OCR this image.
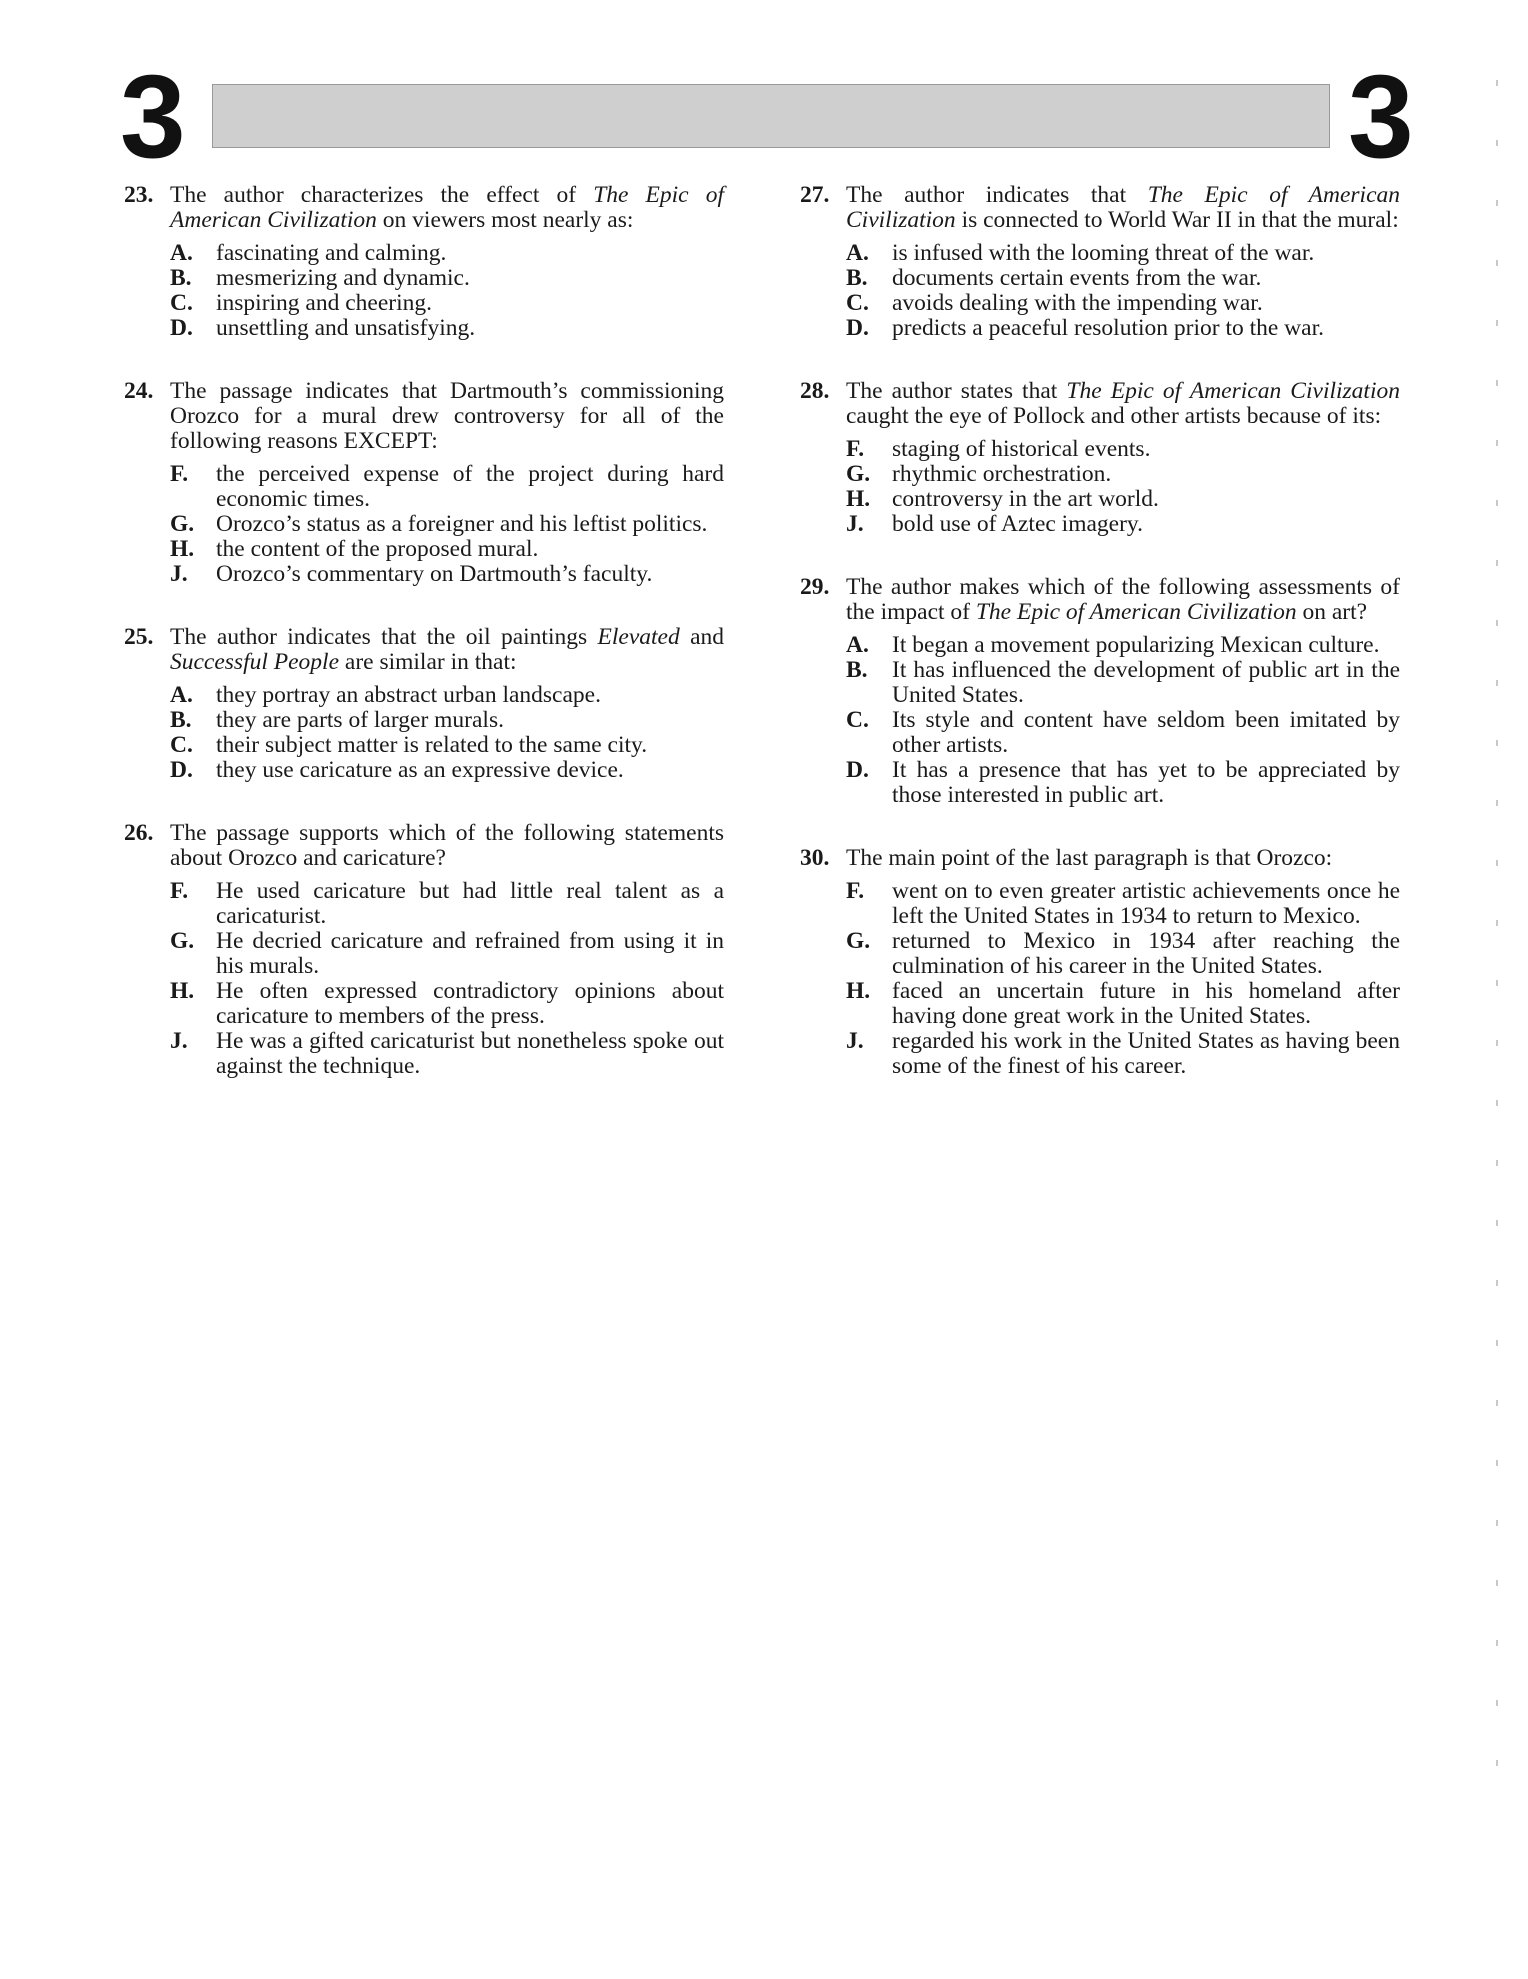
3	3
23. The author characterizes the effect of The Epic of American Civilization on viewers most nearly as:
A. fascinating and calming.
B. mesmerizing and dynamic.
C. inspiring and cheering.
D. unsettling and unsatisfying.
24. The passage indicates that Dartmouth’s commissioning Orozco for a mural drew controversy for all of the following reasons EXCEPT:
F. the perceived expense of the project during hard economic times.
G. Orozco’s status as a foreigner and his leftist politics.
H. the content of the proposed mural.
J. Orozco’s commentary on Dartmouth’s faculty.
25. The author indicates that the oil paintings Elevated and Successful People are similar in that:
A. they portray an abstract urban landscape.
B. they are parts of larger murals.
C. their subject matter is related to the same city.
D. they use caricature as an expressive device.
26. The passage supports which of the following statements about Orozco and caricature?
F. He used caricature but had little real talent as a caricaturist.
G. He decried caricature and refrained from using it in his murals.
H. He often expressed contradictory opinions about caricature to members of the press.
J. He was a gifted caricaturist but nonetheless spoke out against the technique.
27. The author indicates that The Epic of American Civilization is connected to World War II in that the mural:
A. is infused with the looming threat of the war.
B. documents certain events from the war.
C. avoids dealing with the impending war.
D. predicts a peaceful resolution prior to the war.
28. The author states that The Epic of American Civilization caught the eye of Pollock and other artists because of its:
F. staging of historical events.
G. rhythmic orchestration.
H. controversy in the art world.
J. bold use of Aztec imagery.
29. The author makes which of the following assessments of the impact of The Epic of American Civilization on art?
A. It began a movement popularizing Mexican culture.
B. It has influenced the development of public art in the United States.
C. Its style and content have seldom been imitated by other artists.
D. It has a presence that has yet to be appreciated by those interested in public art.
30. The main point of the last paragraph is that Orozco:
F. went on to even greater artistic achievements once he left the United States in 1934 to return to Mexico.
G. returned to Mexico in 1934 after reaching the culmination of his career in the United States.
H. faced an uncertain future in his homeland after having done great work in the United States.
J. regarded his work in the United States as having been some of the finest of his career.
